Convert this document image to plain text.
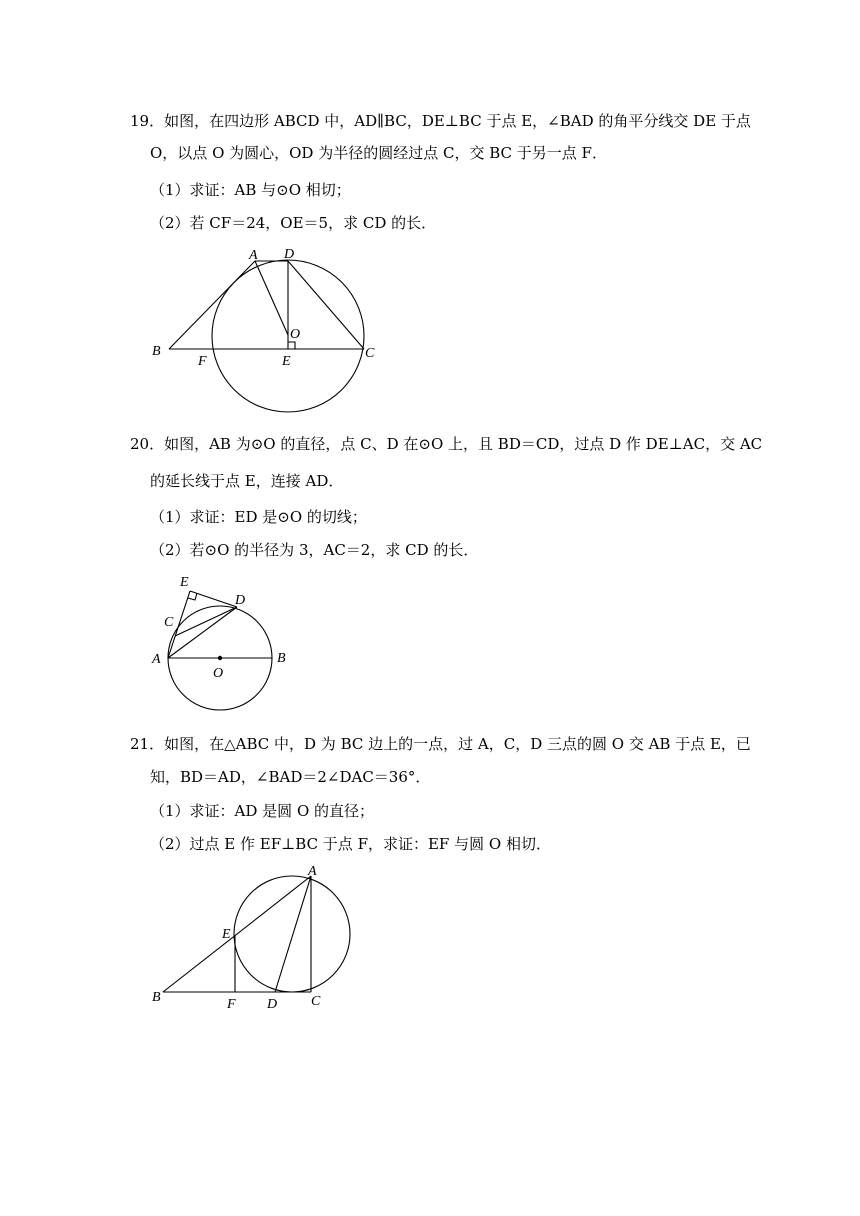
19．如图，在四边形 ABCD 中，AD∥BC，DE⊥BC 于点 E，∠BAD 的角平分线交 DE 于点
O，以点 O 为圆心，OD 为半径的圆经过点 C，交 BC 于另一点 F．
（1）求证：AB 与⊙O 相切；
（2）若 CF＝24，OE＝5，求 CD 的长．
A D
B
F	E
O
C
20．如图，AB 为⊙O 的直径，点 C、D 在⊙O 上，且 BD＝CD，过点 D 作 DE⊥AC，交 AC
的延长线于点 E，连接 AD．
（1）求证：ED 是⊙O 的切线；
（2）若⊙O 的半径为 3，AC＝2，求 CD 的长．
E
D
C
A
O
B
21．如图，在△ABC 中，D 为 BC 边上的一点，过 A，C，D 三点的圆 O 交 AB 于点 E，已
知，BD＝AD，∠BAD＝2∠DAC＝36°．
（1）求证：AD 是圆 O 的直径；
（2）过点 E 作 EF⊥BC 于点 F，求证：EF 与圆 O 相切．
A
E
B	F D C
